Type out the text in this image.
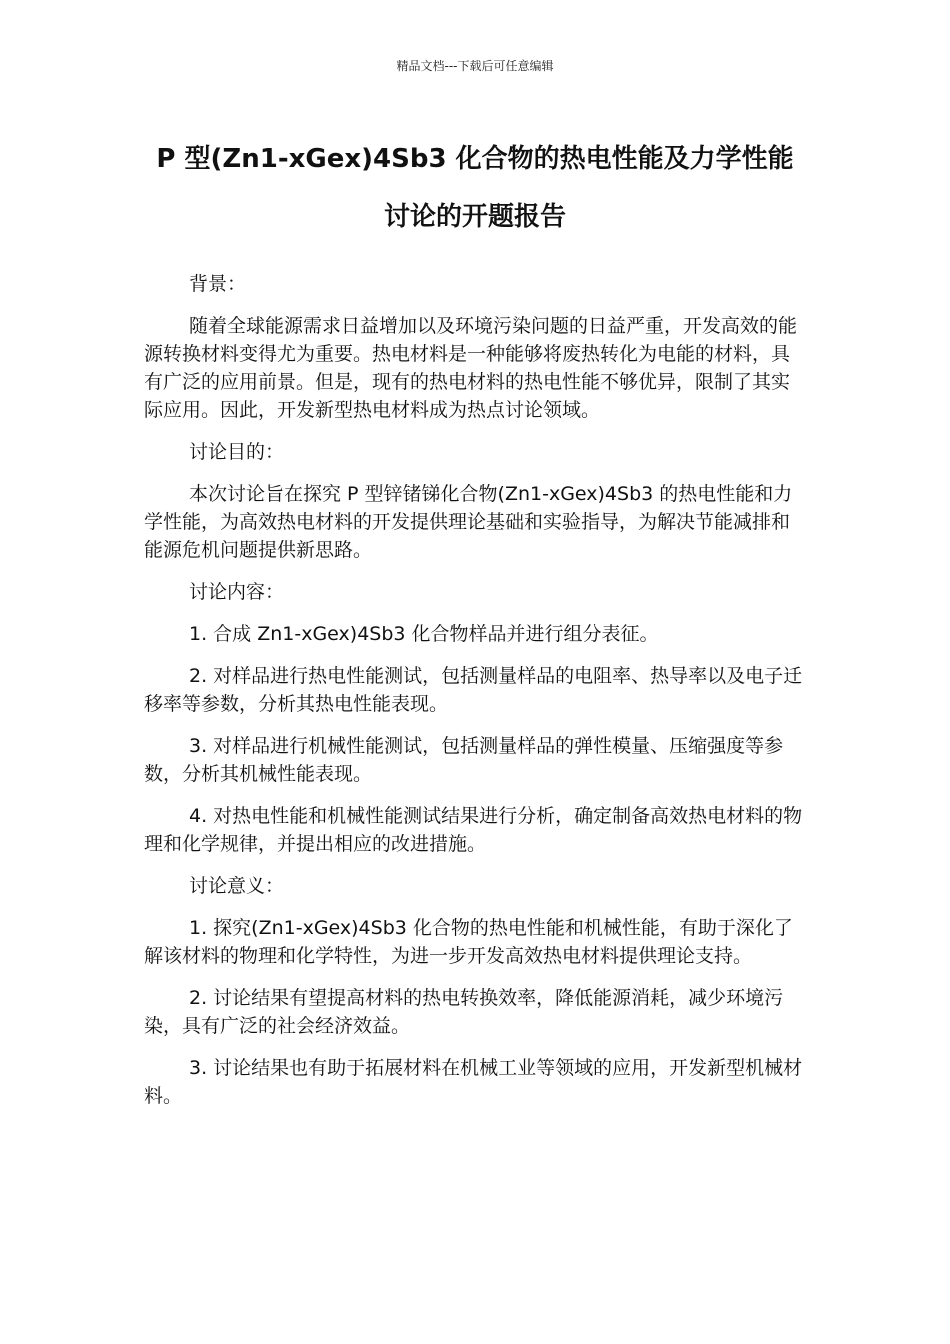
精品文档---下载后可任意编辑
P 型(Zn1-xGex)4Sb3 化合物的热电性能及力学性能
讨论的开题报告

背景：

随着全球能源需求日益增加以及环境污染问题的日益严重，开发高效的能源转换材料变得尤为重要。热电材料是一种能够将废热转化为电能的材料，具有广泛的应用前景。但是，现有的热电材料的热电性能不够优异，限制了其实际应用。因此，开发新型热电材料成为热点讨论领域。

讨论目的：

本次讨论旨在探究 P 型锌锗锑化合物(Zn1-xGex)4Sb3 的热电性能和力学性能，为高效热电材料的开发提供理论基础和实验指导，为解决节能减排和能源危机问题提供新思路。

讨论内容：

1. 合成 Zn1-xGex)4Sb3 化合物样品并进行组分表征。

2. 对样品进行热电性能测试，包括测量样品的电阻率、热导率以及电子迁移率等参数，分析其热电性能表现。

3. 对样品进行机械性能测试，包括测量样品的弹性模量、压缩强度等参数，分析其机械性能表现。

4. 对热电性能和机械性能测试结果进行分析，确定制备高效热电材料的物理和化学规律，并提出相应的改进措施。

讨论意义：

1. 探究(Zn1-xGex)4Sb3 化合物的热电性能和机械性能，有助于深化了解该材料的物理和化学特性，为进一步开发高效热电材料提供理论支持。

2. 讨论结果有望提高材料的热电转换效率，降低能源消耗，减少环境污染，具有广泛的社会经济效益。

3. 讨论结果也有助于拓展材料在机械工业等领域的应用，开发新型机械材料。
